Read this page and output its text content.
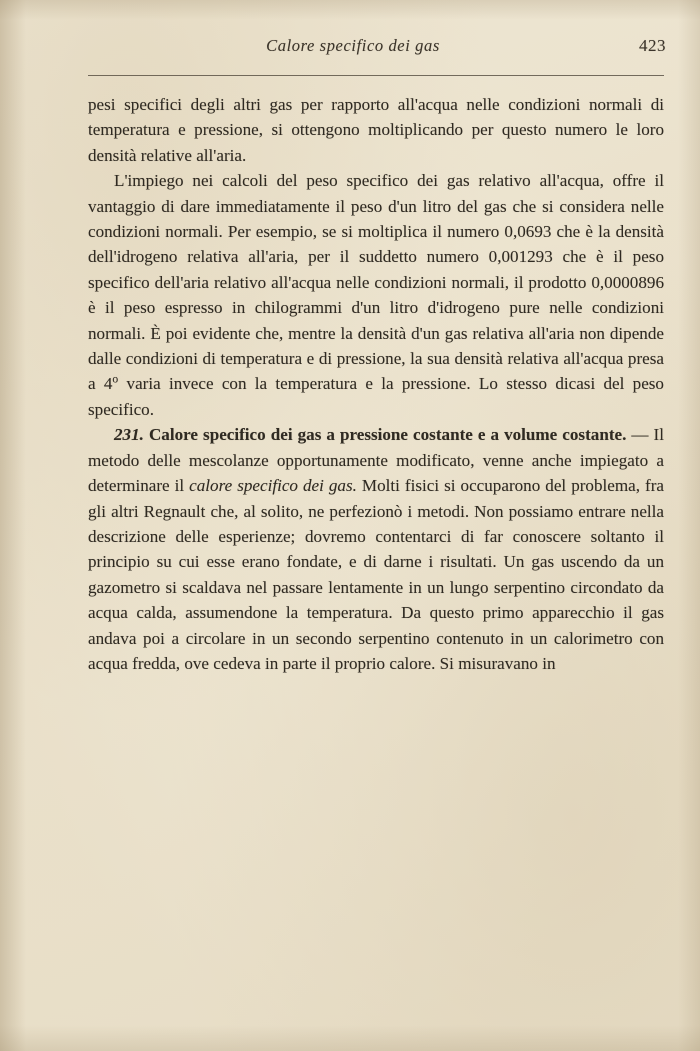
Calore specifico dei gas	423

pesi specifici degli altri gas per rapporto all'acqua nelle condizioni normali di temperatura e pressione, si ottengono moltiplicando per questo numero le loro densità relative all'aria.

L'impiego nei calcoli del peso specifico dei gas relativo all'acqua, offre il vantaggio di dare immediatamente il peso d'un litro del gas che si considera nelle condizioni normali. Per esempio, se si moltiplica il numero 0,0693 che è la densità dell'idrogeno relativa all'aria, per il suddetto numero 0,001293 che è il peso specifico dell'aria relativo all'acqua nelle condizioni normali, il prodotto 0,0000896 è il peso espresso in chilogrammi d'un litro d'idrogeno pure nelle condizioni normali. È poi evidente che, mentre la densità d'un gas relativa all'aria non dipende dalle condizioni di temperatura e di pressione, la sua densità relativa all'acqua presa a 4$^o$ varia invece con la temperatura e la pressione. Lo stesso dicasi del peso specifico.

231. Calore specifico dei gas a pressione costante e a volume costante. — Il metodo delle mescolanze opportunamente modificato, venne anche impiegato a determinare il calore specifico dei gas. Molti fisici si occuparono del problema, fra gli altri Regnault che, al solito, ne perfezionò i metodi. Non possiamo entrare nella descrizione delle esperienze; dovremo contentarci di far conoscere soltanto il principio su cui esse erano fondate, e di darne i risultati. Un gas uscendo da un gazometro si scaldava nel passare lentamente in un lungo serpentino circondato da acqua calda, assumendone la temperatura. Da questo primo apparecchio il gas andava poi a circolare in un secondo serpentino contenuto in un calorimetro con acqua fredda, ove cedeva in parte il proprio calore. Si misuravano in
